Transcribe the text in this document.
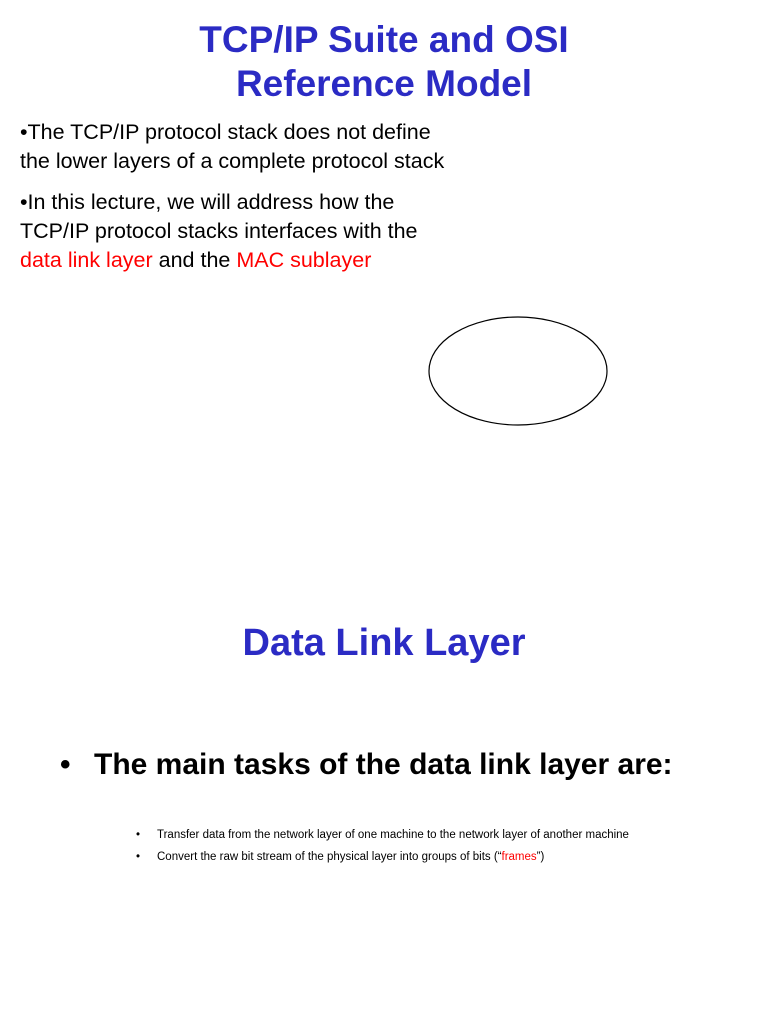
TCP/IP Suite and OSI
Reference Model

•The TCP/IP protocol stack does not define the lower layers of a complete protocol stack

•In this lecture, we will address how the TCP/IP protocol stacks interfaces with the data link layer and the MAC sublayer

Data Link Layer
• The main tasks of the data link layer are:
• Transfer data from the network layer of one machine to the network layer of another machine
• Convert the raw bit stream of the physical layer into groups of bits (“frames”)
